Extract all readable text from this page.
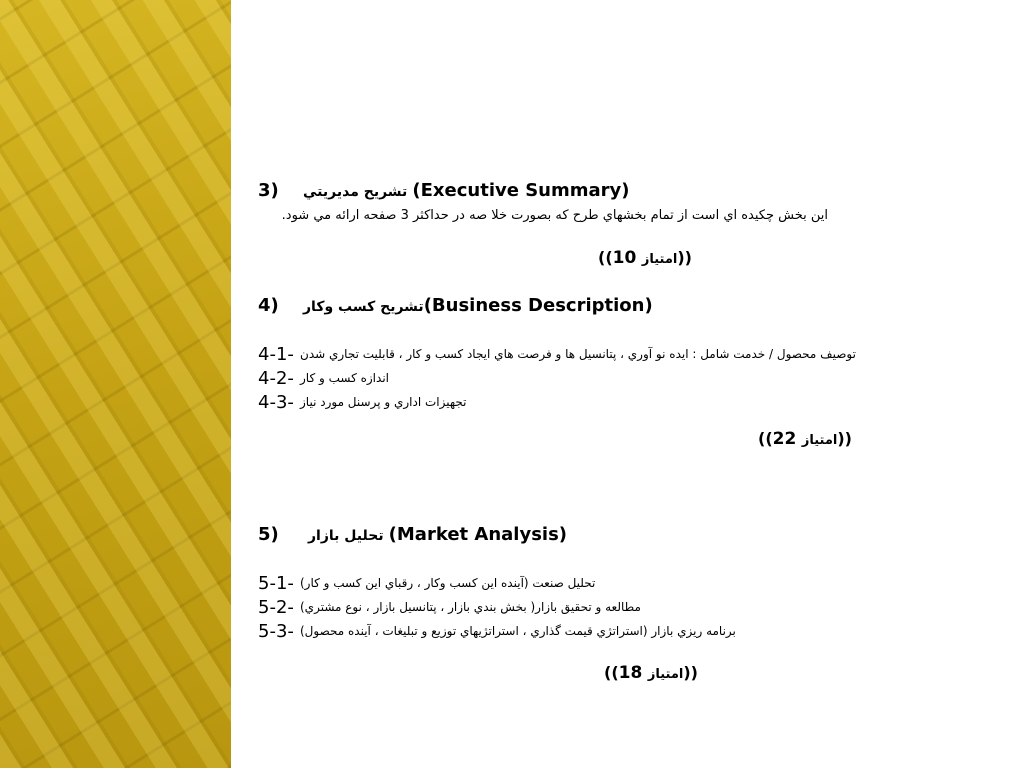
3) تشريح مديريتي (Executive Summary)
اين بخش چكيده اي است از تمام بخشهاي طرح كه بصورت خلا صه در حداكثر 3 صفحه ارائه مي شود.
((10 امتياز))
4) تشريح كسب وكار(Business Description)
4-1- توصيف محصول / خدمت شامل : ايده نو آوري ، پتانسيل ها و فرصت هاي ايجاد كسب و كار ، قابليت تجاري شدن
4-2- اندازه كسب و كار
4-3- تجهيزات اداري و پرسنل مورد نياز
((22 امتياز))
5) تحليل بازار (Market Analysis)
5-1- تحليل صنعت (آينده اين كسب وكار ، رقباي اين كسب و كار)
5-2- مطالعه و تحقيق بازار( بخش بندي بازار ، پتانسيل بازار ، نوع مشتري)
5-3- برنامه ريزي بازار (استراتژي قيمت گذاري ، استراتژيهاي توزيع و تبليغات ، آينده محصول)
((18 امتياز))
